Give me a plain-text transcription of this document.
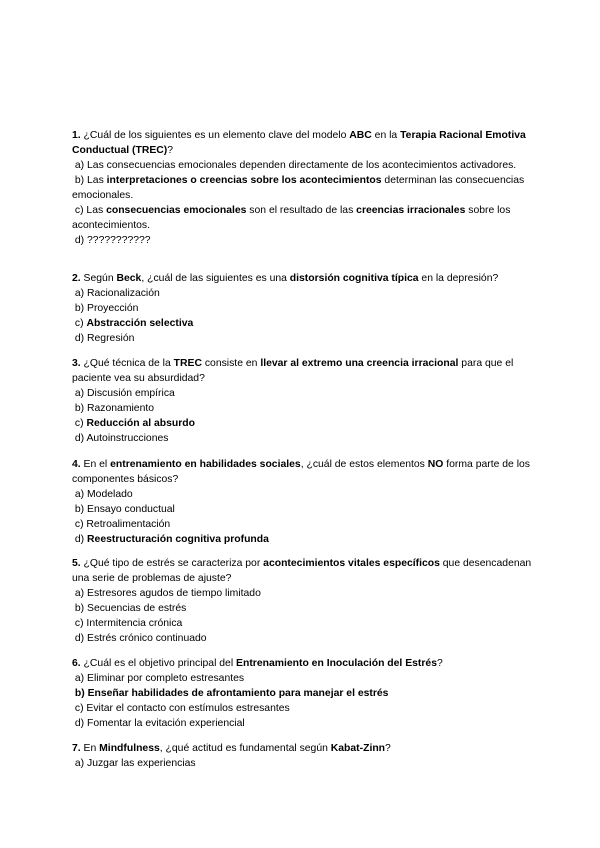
1. ¿Cuál de los siguientes es un elemento clave del modelo ABC en la Terapia Racional Emotiva Conductual (TREC)?

a) Las consecuencias emocionales dependen directamente de los acontecimientos activadores.

b) Las interpretaciones o creencias sobre los acontecimientos determinan las consecuencias emocionales.

c) Las consecuencias emocionales son el resultado de las creencias irracionales sobre los acontecimientos.

d) ???????????

2. Según Beck, ¿cuál de las siguientes es una distorsión cognitiva típica en la depresión?

a) Racionalización

b) Proyección

c) Abstracción selectiva

d) Regresión

3. ¿Qué técnica de la TREC consiste en llevar al extremo una creencia irracional para que el paciente vea su absurdidad?

a) Discusión empírica

b) Razonamiento

c) Reducción al absurdo

d) Autoinstrucciones

4. En el entrenamiento en habilidades sociales, ¿cuál de estos elementos NO forma parte de los componentes básicos?

a) Modelado

b) Ensayo conductual

c) Retroalimentación

d) Reestructuración cognitiva profunda

5. ¿Qué tipo de estrés se caracteriza por acontecimientos vitales específicos que desencadenan una serie de problemas de ajuste?

a) Estresores agudos de tiempo limitado

b) Secuencias de estrés

c) Intermitencia crónica

d) Estrés crónico continuado

6. ¿Cuál es el objetivo principal del Entrenamiento en Inoculación del Estrés?

a) Eliminar por completo estresantes

b) Enseñar habilidades de afrontamiento para manejar el estrés

c) Evitar el contacto con estímulos estresantes

d) Fomentar la evitación experiencial

7. En Mindfulness, ¿qué actitud es fundamental según Kabat-Zinn?

a) Juzgar las experiencias
